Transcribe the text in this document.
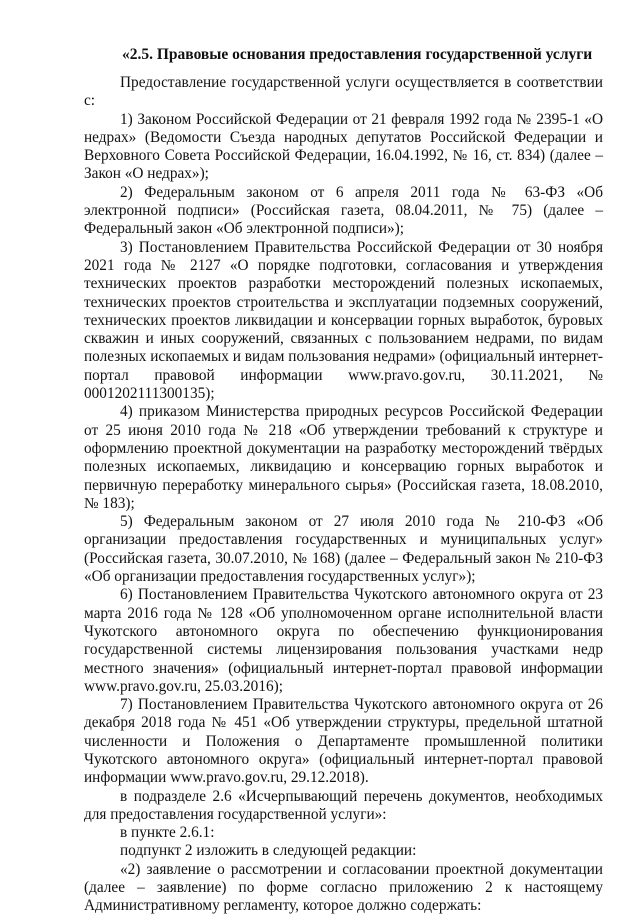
«2.5. Правовые основания предоставления государственной услуги

Предоставление государственной услуги осуществляется в соответствии с:

1) Законом Российской Федерации от 21 февраля 1992 года № 2395-1 «О недрах» (Ведомости Съезда народных депутатов Российской Федерации и Верховного Совета Российской Федерации, 16.04.1992, № 16, ст. 834) (далее – Закон «О недрах»);

2) Федеральным законом от 6 апреля 2011 года № 63-ФЗ «Об электронной подписи» (Российская газета, 08.04.2011, № 75) (далее – Федеральный закон «Об электронной подписи»);

3) Постановлением Правительства Российской Федерации от 30 ноября 2021 года № 2127 «О порядке подготовки, согласования и утверждения технических проектов разработки месторождений полезных ископаемых, технических проектов строительства и эксплуатации подземных сооружений, технических проектов ликвидации и консервации горных выработок, буровых скважин и иных сооружений, связанных с пользованием недрами, по видам полезных ископаемых и видам пользования недрами» (официальный интернет-портал правовой информации www.pravo.gov.ru, 30.11.2021, № 0001202111300135);

4) приказом Министерства природных ресурсов Российской Федерации от 25 июня 2010 года № 218 «Об утверждении требований к структуре и оформлению проектной документации на разработку месторождений твёрдых полезных ископаемых, ликвидацию и консервацию горных выработок и первичную переработку минерального сырья» (Российская газета, 18.08.2010, № 183);

5) Федеральным законом от 27 июля 2010 года № 210-ФЗ «Об организации предоставления государственных и муниципальных услуг» (Российская газета, 30.07.2010, № 168) (далее – Федеральный закон № 210-ФЗ «Об организации предоставления государственных услуг»);

6) Постановлением Правительства Чукотского автономного округа от 23 марта 2016 года № 128 «Об уполномоченном органе исполнительной власти Чукотского автономного округа по обеспечению функционирования государственной системы лицензирования пользования участками недр местного значения» (официальный интернет-портал правовой информации www.pravo.gov.ru, 25.03.2016);

7) Постановлением Правительства Чукотского автономного округа от 26 декабря 2018 года № 451 «Об утверждении структуры, предельной штатной численности и Положения о Департаменте промышленной политики Чукотского автономного округа» (официальный интернет-портал правовой информации www.pravo.gov.ru, 29.12.2018).

в подразделе 2.6 «Исчерпывающий перечень документов, необходимых для предоставления государственной услуги»:

в пункте 2.6.1:

подпункт 2 изложить в следующей редакции:

«2) заявление о рассмотрении и согласовании проектной документации (далее – заявление) по форме согласно приложению 2 к настоящему Административному регламенту, которое должно содержать:
